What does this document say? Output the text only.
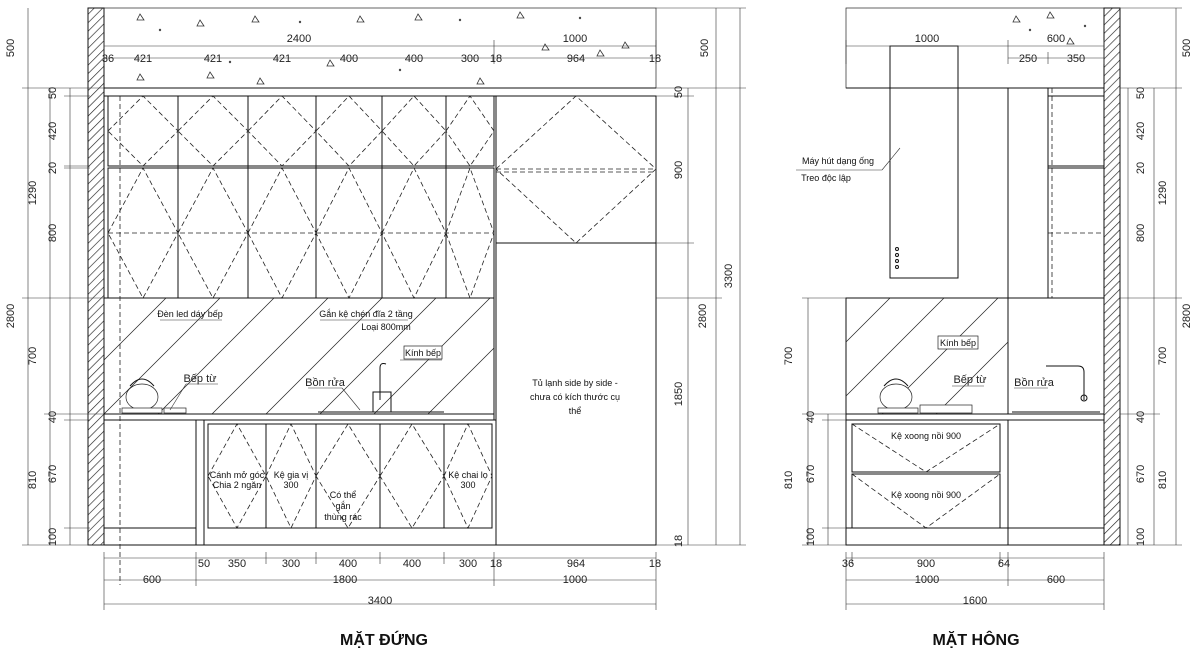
2400	1000
36 421	421	421	400	400	300 18	964	18
50 350	300	400	400	300 18	964	18
600	1800	1000
3400
500
2800
1290
700
810
50
420
20
800
40
670
100
50
900
2800
1850
18
500
3300
Đèn led dáy bếp	Gắn kệ chén đĩa 2 tầng
Loại 800mm
Kính bếp
Bếp từ	Bồn rửa	Tủ lạnh side by side -
chưa có kích thước cụ
thể
Cánh mở góc
Chia 2 ngăn
Kệ gia vị
300
Có thể
gắn
thùng rác
Kệ chai lọ
300
MẶT ĐỨNG
1000	600
250	350
36	900	64
1000	600
1600
700
810
40
670
100
50
420
20
800
40
670
100
1290
700
810
500
2800
Máy hút dạng ống
Treo độc lập
Kính bếp
Bếp từ	Bồn rửa
Kệ xoong nồi 900
Kệ xoong nồi 900
MẶT HÔNG
